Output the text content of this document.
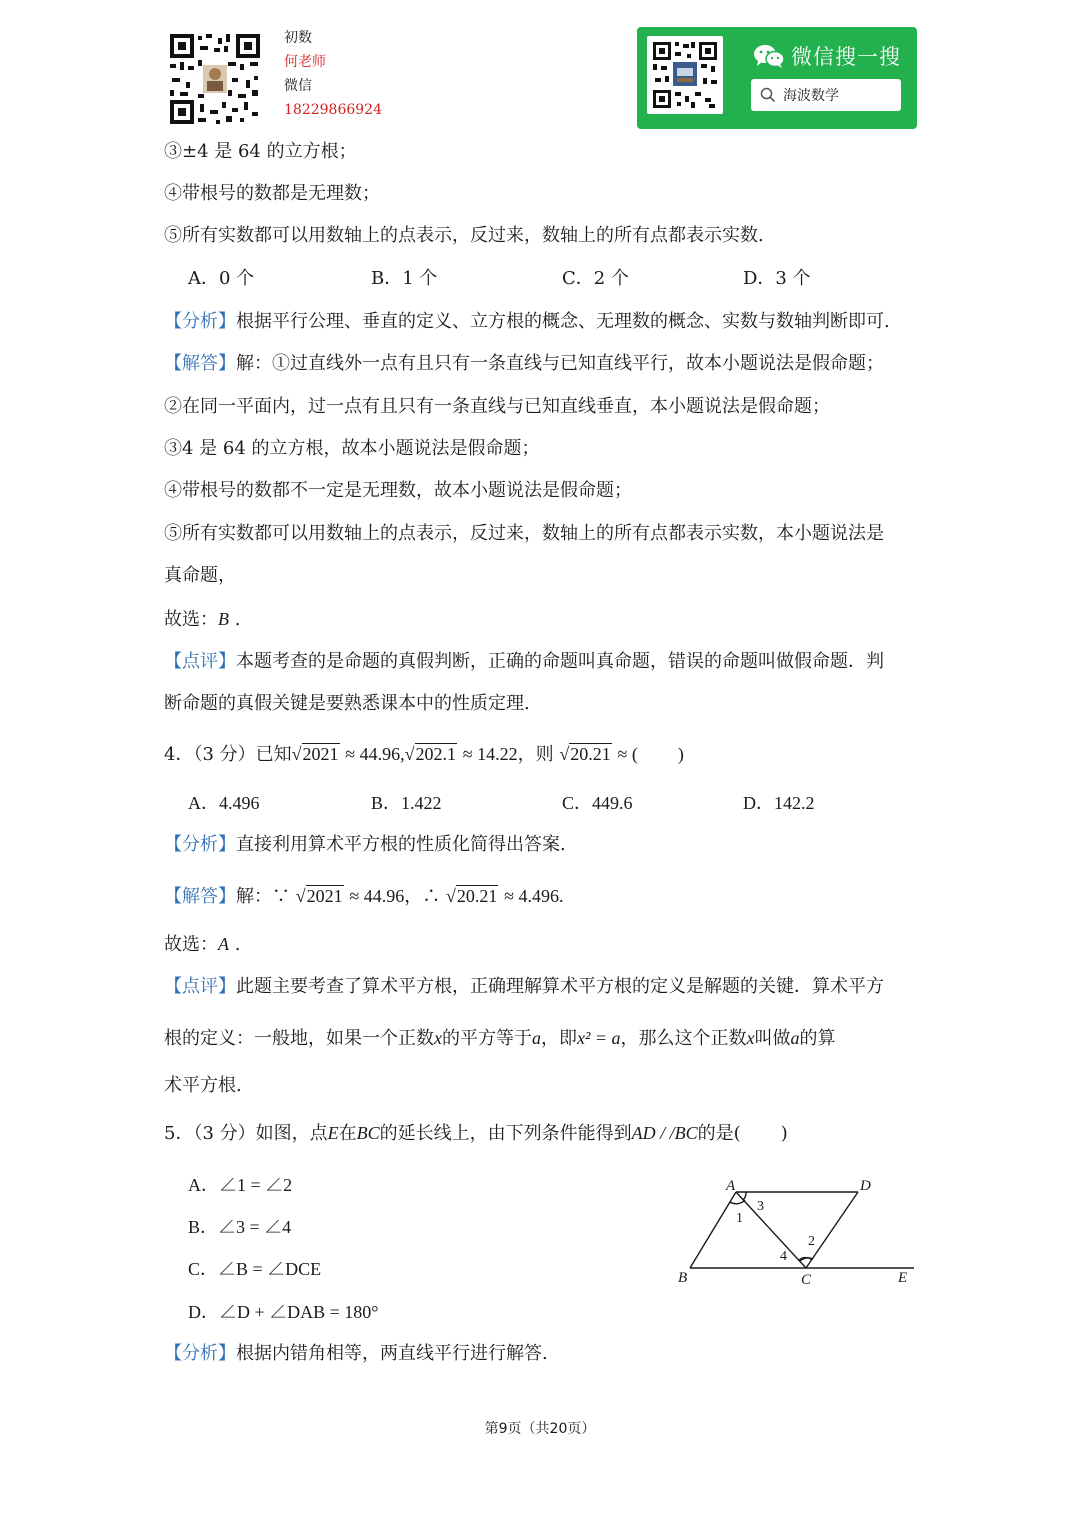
初数
何老师
微信
18229866924
微信搜一搜
海波数学
③±4 是 64 的立方根；
④带根号的数都是无理数；
⑤所有实数都可以用数轴上的点表示，反过来，数轴上的所有点都表示实数.
A．0 个	B．1 个	C．2 个	D．3 个
【分析】根据平行公理、垂直的定义、立方根的概念、无理数的概念、实数与数轴判断即可.
【解答】解：①过直线外一点有且只有一条直线与已知直线平行，故本小题说法是假命题；
②在同一平面内，过一点有且只有一条直线与已知直线垂直，本小题说法是假命题；
③4 是 64 的立方根，故本小题说法是假命题；
④带根号的数都不一定是无理数，故本小题说法是假命题；
⑤所有实数都可以用数轴上的点表示，反过来，数轴上的所有点都表示实数，本小题说法是
真命题，
故选：B .
【点评】本题考查的是命题的真假判断，正确的命题叫真命题，错误的命题叫做假命题．判
断命题的真假关键是要熟悉课本中的性质定理.
4．（3 分）已知√2021 ≈ 44.96,√202.1 ≈ 14.22，则 √20.21 ≈ ( )
A．4.496	B．1.422	C．449.6	D．142.2
【分析】直接利用算术平方根的性质化简得出答案.
【解答】解：∵ √2021 ≈ 44.96，∴ √20.21 ≈ 4.496.
故选：A .
【点评】此题主要考查了算术平方根，正确理解算术平方根的定义是解题的关键．算术平方
根的定义：一般地，如果一个正数x的平方等于a，即x² = a，那么这个正数x叫做a的算
术平方根.
5．（3 分）如图，点E在BC的延长线上，由下列条件能得到AD / /BC的是( )
A．∠1 = ∠2
B．∠3 = ∠4
C．∠B = ∠DCE
D．∠D + ∠DAB = 180°
A	D
B	C	E
1
2
3
4
【分析】根据内错角相等，两直线平行进行解答.
第9页（共20页）
